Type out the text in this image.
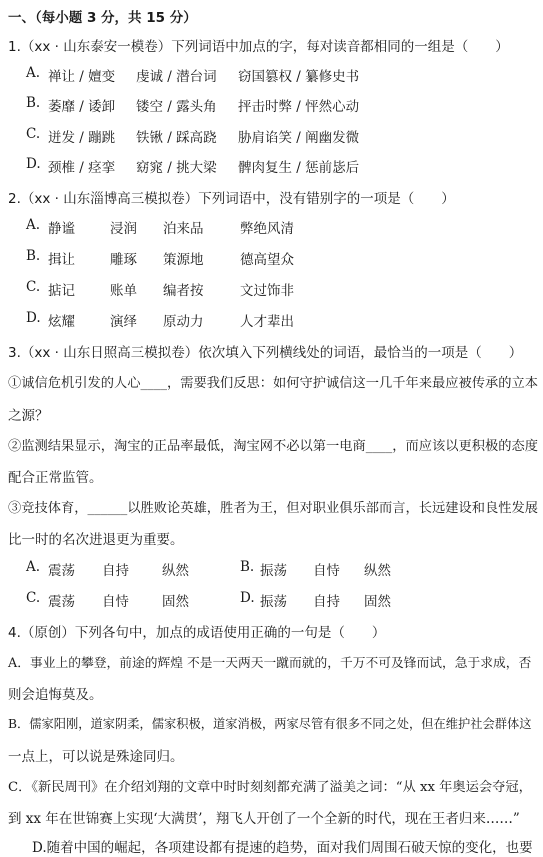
一、（每小题 3 分，共 15 分）
1.（xx · 山东泰安一模卷）下列词语中加点的字，每对读音都相同的一组是（　　）
A. 禅让 / 嬗变 虔诚 / 潜台词 窃国篡权 / 纂修史书
B. 萎靡 / 诿卸 镂空 / 露头角 抨击时弊 / 怦然心动
C. 迸发 / 蹦跳 铁锹 / 踩高跷 胁肩谄笑 / 阐幽发微
D. 颈椎 / 痉挛 窈窕 / 挑大梁 髀肉复生 / 惩前毖后
2.（xx · 山东淄博高三模拟卷）下列词语中，没有错别字的一项是（　　）
A. 静谧	浸润 泊来品	弊绝风清
B. 揖让	雕琢 策源地	德高望众
C. 掂记	账单 编者按	文过饰非
D. 炫耀	演绎 原动力	人才辈出
3.（xx · 山东日照高三模拟卷）依次填入下列横线处的词语，最恰当的一项是（　　）
①诚信危机引发的人心____，需要我们反思：如何守护诚信这一几千年来最应被传承的立本
之源？
②监测结果显示，淘宝的正品率最低，淘宝网不必以第一电商____，而应该以更积极的态度
配合正常监管。
③竞技体育，______以胜败论英雄，胜者为王，但对职业俱乐部而言，长远建设和良性发展
比一时的名次进退更为重要。
A. 震荡 自持 纵然	B. 振荡 自恃 纵然
C. 震荡 自恃 固然	D. 振荡 自持 固然
4.（原创）下列各句中，加点的成语使用正确的一句是（　　）
A．事业上的攀登，前途的辉煌 不是一天两天一蹴而就的，千万不可及锋而试，急于求成，否
则会追悔莫及。
B．儒家阳刚，道家阴柔，儒家积极，道家消极，两家尽管有很多不同之处，但在维护社会群体这
一点上，可以说是殊途同归。
C．《新民周刊》在介绍刘翔的文章中时时刻刻都充满了溢美之词：“从 xx 年奥运会夺冠，
到 xx 年在世锦赛上实现‘大满贯’，翔飞人开创了一个全新的时代，现在王者归来……”
D.随着中国的崛起，各项建设都有提速的趋势，面对我们周围石破天惊的变化，也要
